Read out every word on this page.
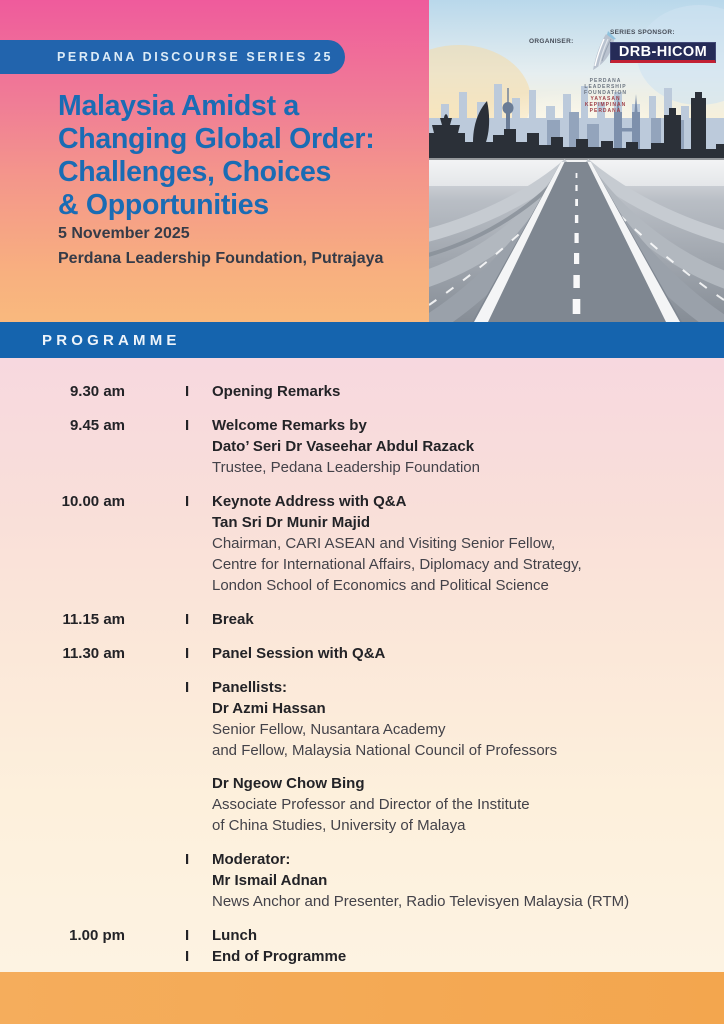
PERDANA DISCOURSE SERIES 25
Malaysia Amidst a
Changing Global Order:
Challenges, Choices
& Opportunities
5 November 2025
Perdana Leadership Foundation, Putrajaya
ORGANISER:
PERDANA
LEADERSHIP
FOUNDATION
YAYASAN
KEPIMPINAN
PERDANA
SERIES SPONSOR:
DRB-HICOM
PROGRAMME
9.30 am	I	Opening Remarks
9.45 am	I	Welcome Remarks by
Dato’ Seri Dr Vaseehar Abdul Razack
Trustee, Pedana Leadership Foundation
10.00 am	I	Keynote Address with Q&A
Tan Sri Dr Munir Majid
Chairman, CARI ASEAN and Visiting Senior Fellow,
Centre for International Affairs, Diplomacy and Strategy,
London School of Economics and Political Science
11.15 am	I	Break
11.30 am	I	Panel Session with Q&A
I	Panellists:
Dr Azmi Hassan
Senior Fellow, Nusantara Academy
and Fellow, Malaysia National Council of Professors
Dr Ngeow Chow Bing
Associate Professor and Director of the Institute
of China Studies, University of Malaya
I	Moderator:
Mr Ismail Adnan
News Anchor and Presenter, Radio Televisyen Malaysia (RTM)
1.00 pm	I	Lunch
I	End of Programme
